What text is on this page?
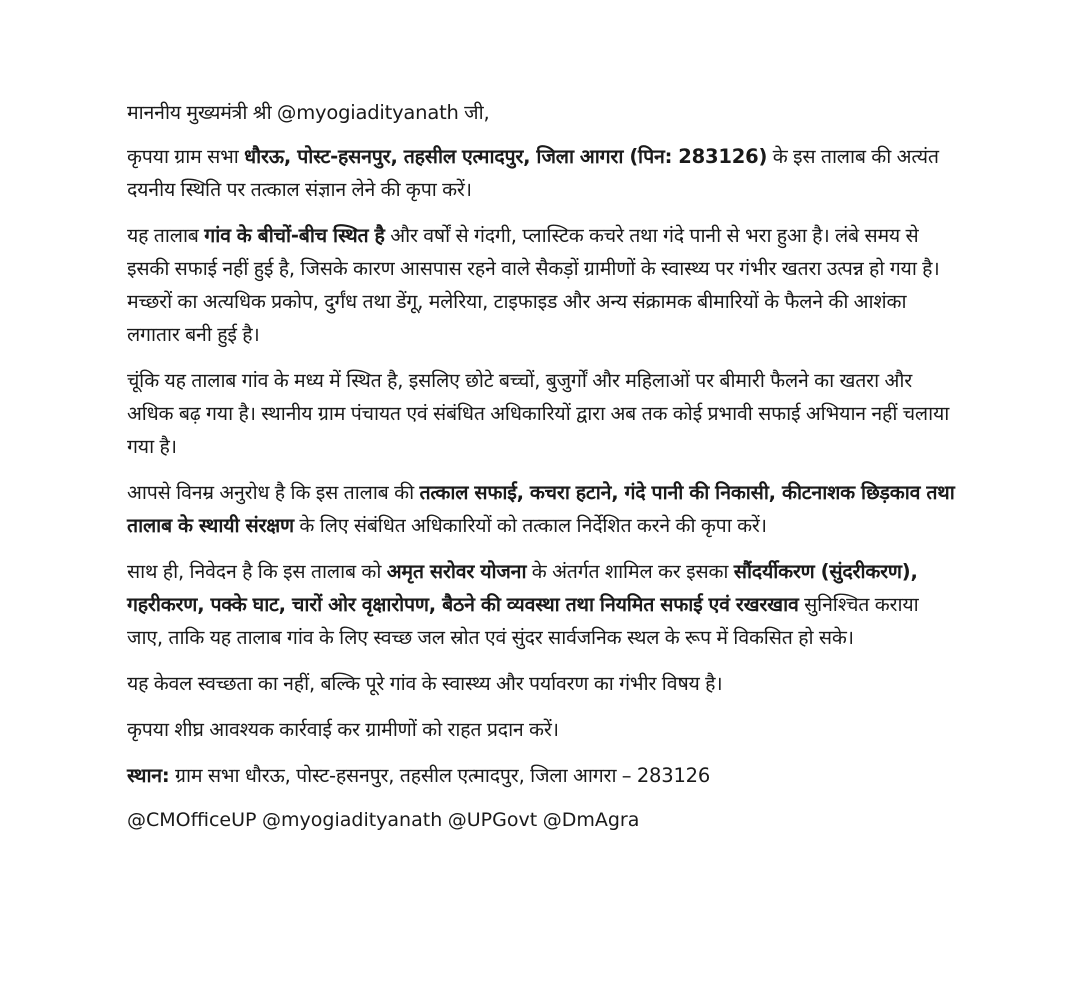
माननीय मुख्यमंत्री श्री @myogiadityanath जी,

कृपया ग्राम सभा धौरऊ, पोस्ट-हसनपुर, तहसील एत्मादपुर, जिला आगरा (पिन: 283126) के इस तालाब की अत्यंत दयनीय स्थिति पर तत्काल संज्ञान लेने की कृपा करें।

यह तालाब गांव के बीचों-बीच स्थित है और वर्षों से गंदगी, प्लास्टिक कचरे तथा गंदे पानी से भरा हुआ है। लंबे समय से इसकी सफाई नहीं हुई है, जिसके कारण आसपास रहने वाले सैकड़ों ग्रामीणों के स्वास्थ्य पर गंभीर खतरा उत्पन्न हो गया है। मच्छरों का अत्यधिक प्रकोप, दुर्गंध तथा डेंगू, मलेरिया, टाइफाइड और अन्य संक्रामक बीमारियों के फैलने की आशंका लगातार बनी हुई है।

चूंकि यह तालाब गांव के मध्य में स्थित है, इसलिए छोटे बच्चों, बुजुर्गों और महिलाओं पर बीमारी फैलने का खतरा और अधिक बढ़ गया है। स्थानीय ग्राम पंचायत एवं संबंधित अधिकारियों द्वारा अब तक कोई प्रभावी सफाई अभियान नहीं चलाया गया है।

आपसे विनम्र अनुरोध है कि इस तालाब की तत्काल सफाई, कचरा हटाने, गंदे पानी की निकासी, कीटनाशक छिड़काव तथा तालाब के स्थायी संरक्षण के लिए संबंधित अधिकारियों को तत्काल निर्देशित करने की कृपा करें।

साथ ही, निवेदन है कि इस तालाब को अमृत सरोवर योजना के अंतर्गत शामिल कर इसका सौंदर्यीकरण (सुंदरीकरण), गहरीकरण, पक्के घाट, चारों ओर वृक्षारोपण, बैठने की व्यवस्था तथा नियमित सफाई एवं रखरखाव सुनिश्चित कराया जाए, ताकि यह तालाब गांव के लिए स्वच्छ जल स्रोत एवं सुंदर सार्वजनिक स्थल के रूप में विकसित हो सके।

यह केवल स्वच्छता का नहीं, बल्कि पूरे गांव के स्वास्थ्य और पर्यावरण का गंभीर विषय है।

कृपया शीघ्र आवश्यक कार्रवाई कर ग्रामीणों को राहत प्रदान करें।

स्थान: ग्राम सभा धौरऊ, पोस्ट-हसनपुर, तहसील एत्मादपुर, जिला आगरा – 283126

@CMOfficeUP @myogiadityanath @UPGovt @DmAgra
